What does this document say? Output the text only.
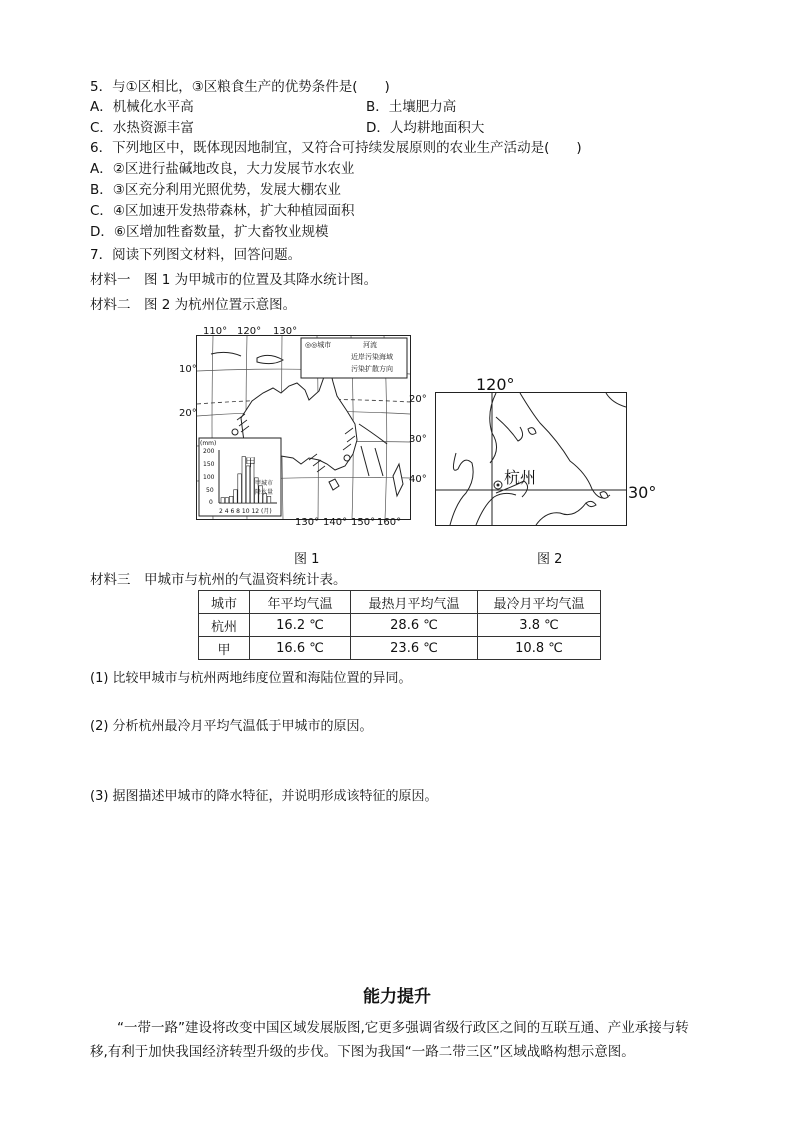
5．与①区相比，③区粮食生产的优势条件是(　　)
A．机械化水平高	B．土壤肥力高
C．水热资源丰富	D．人均耕地面积大
6．下列地区中，既体现因地制宜，又符合可持续发展原则的农业生产活动是(　　)
A．②区进行盐碱地改良，大力发展节水农业
B．③区充分利用光照优势，发展大棚农业
C．④区加速开发热带森林，扩大种植园面积
D．⑥区增加牲畜数量，扩大畜牧业规模
7．阅读下列图文材料，回答问题。
材料一　图 1 为甲城市的位置及其降水统计图。
材料二　图 2 为杭州位置示意图。
110° 120° 130°
10°
20°
20°
30°
40°
130° 140° 150° 160°
◎◎城市	河流
近岸污染海域
污染扩散方向
甲
(mm)
200
150
100
50
0
2 4 6 8 10 12 (月)
甲城市
降水量
图 1
120°
30°
杭州
图 2
材料三　甲城市与杭州的气温资料统计表。
城市	年平均气温	最热月平均气温	最冷月平均气温
杭州	16.2 ℃	28.6 ℃	3.8 ℃
甲	16.6 ℃	23.6 ℃	10.8 ℃
(1) 比较甲城市与杭州两地纬度位置和海陆位置的异同。
(2) 分析杭州最冷月平均气温低于甲城市的原因。
(3) 据图描述甲城市的降水特征，并说明形成该特征的原因。
能力提升
“一带一路”建设将改变中国区域发展版图,它更多强调省级行政区之间的互联互通、产业承接与转移,有利于加快我国经济转型升级的步伐。下图为我国“一路二带三区”区域战略构想示意图。
